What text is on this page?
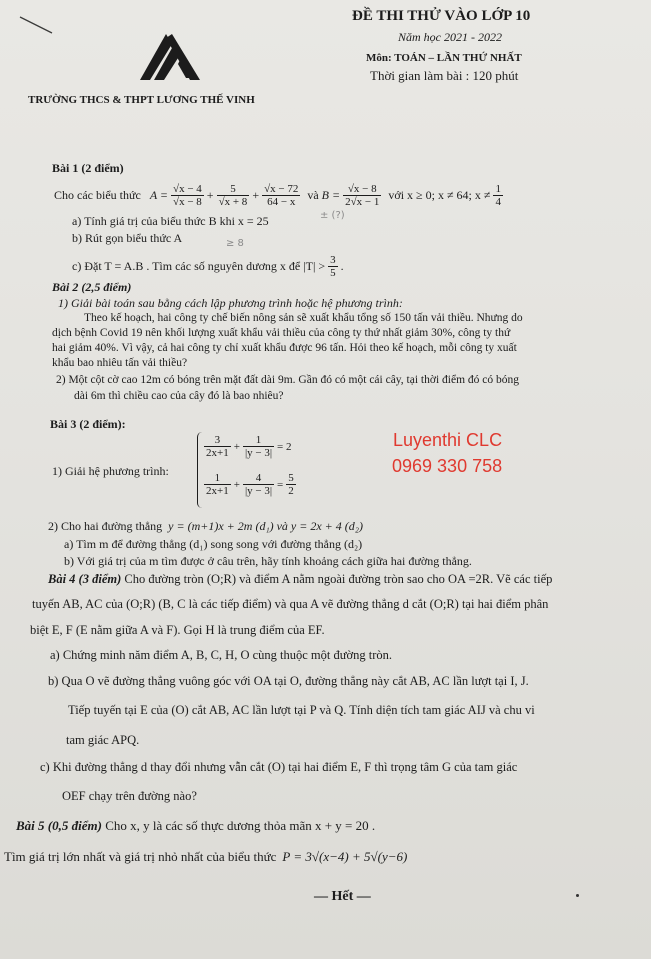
ĐỀ THI THỬ VÀO LỚP 10
Năm học 2021 - 2022
Môn: TOÁN – LẦN THỨ NHẤT
Thời gian làm bài : 120 phút
TRƯỜNG THCS & THPT LƯƠNG THẾ VINH
Bài 1 (2 điểm)
Cho các biểu thức $A = \frac{√x - 4}{√x - 8} + \frac{5}{√x + 8} + \frac{√x - 72}{64 - x}$ và $B = \frac{√x - 8}{2√x - 1}$ với x ≥ 0; x ≠ 64; $x \ne \frac{1}{4}$
a) Tính giá trị của biểu thức B khi x = 25	± (?)
b) Rút gọn biểu thức A	≥ 8
c) Đặt T = A.B . Tìm các số nguyên dương x để $|T| > \frac{3}{5}$ .
Bài 2 (2,5 điểm)
1) Giải bài toán sau bằng cách lập phương trình hoặc hệ phương trình:
Theo kế hoạch, hai công ty chế biến nông sản sẽ xuất khẩu tổng số 150 tấn vải thiều. Nhưng do
dịch bệnh Covid 19 nên khối lượng xuất khẩu vải thiều của công ty thứ nhất giảm 30%, công ty thứ
hai giảm 40%. Vì vậy, cả hai công ty chỉ xuất khẩu được 96 tấn. Hỏi theo kế hoạch, mỗi công ty xuất
khẩu bao nhiêu tấn vải thiều?
2) Một cột cờ cao 12m có bóng trên mặt đất dài 9m. Gần đó có một cái cây, tại thời điểm đó có bóng
dài 6m thì chiều cao của cây đó là bao nhiêu?
Bài 3 (2 điểm):
1) Giải hệ phương trình:
$\frac{3}{2x+1} + \frac{1}{|y - 3|} = 2$
$\frac{1}{2x+1} + \frac{4}{|y - 3|} = \frac{5}{2}$
Luyenthi CLC
0969 330 758
2) Cho hai đường thẳng y = (m+1)x + 2m (d₁) và y = 2x + 4 (d₂)
a) Tìm m để đường thẳng (d₁) song song với đường thẳng (d₂)
b) Với giá trị của m tìm được ở câu trên, hãy tính khoảng cách giữa hai đường thẳng.
Bài 4 (3 điểm) Cho đường tròn (O;R) và điểm A nằm ngoài đường tròn sao cho OA =2R. Vẽ các tiếp
tuyến AB, AC của (O;R) (B, C là các tiếp điểm) và qua A vẽ đường thẳng d cắt (O;R) tại hai điểm phân
biệt E, F (E nằm giữa A và F). Gọi H là trung điểm của EF.
a) Chứng minh năm điểm A, B, C, H, O cùng thuộc một đường tròn.
b) Qua O vẽ đường thẳng vuông góc với OA tại O, đường thẳng này cắt AB, AC lần lượt tại I, J.
Tiếp tuyến tại E của (O) cắt AB, AC lần lượt tại P và Q. Tính diện tích tam giác AIJ và chu vi
tam giác APQ.
c) Khi đường thẳng d thay đổi nhưng vẫn cắt (O) tại hai điểm E, F thì trọng tâm G của tam giác
OEF chạy trên đường nào?
Bài 5 (0,5 điểm) Cho x, y là các số thực dương thỏa mãn x + y = 20 .
Tìm giá trị lớn nhất và giá trị nhỏ nhất của biểu thức P = 3√(x−4) + 5√(y−6)
— Hết —
